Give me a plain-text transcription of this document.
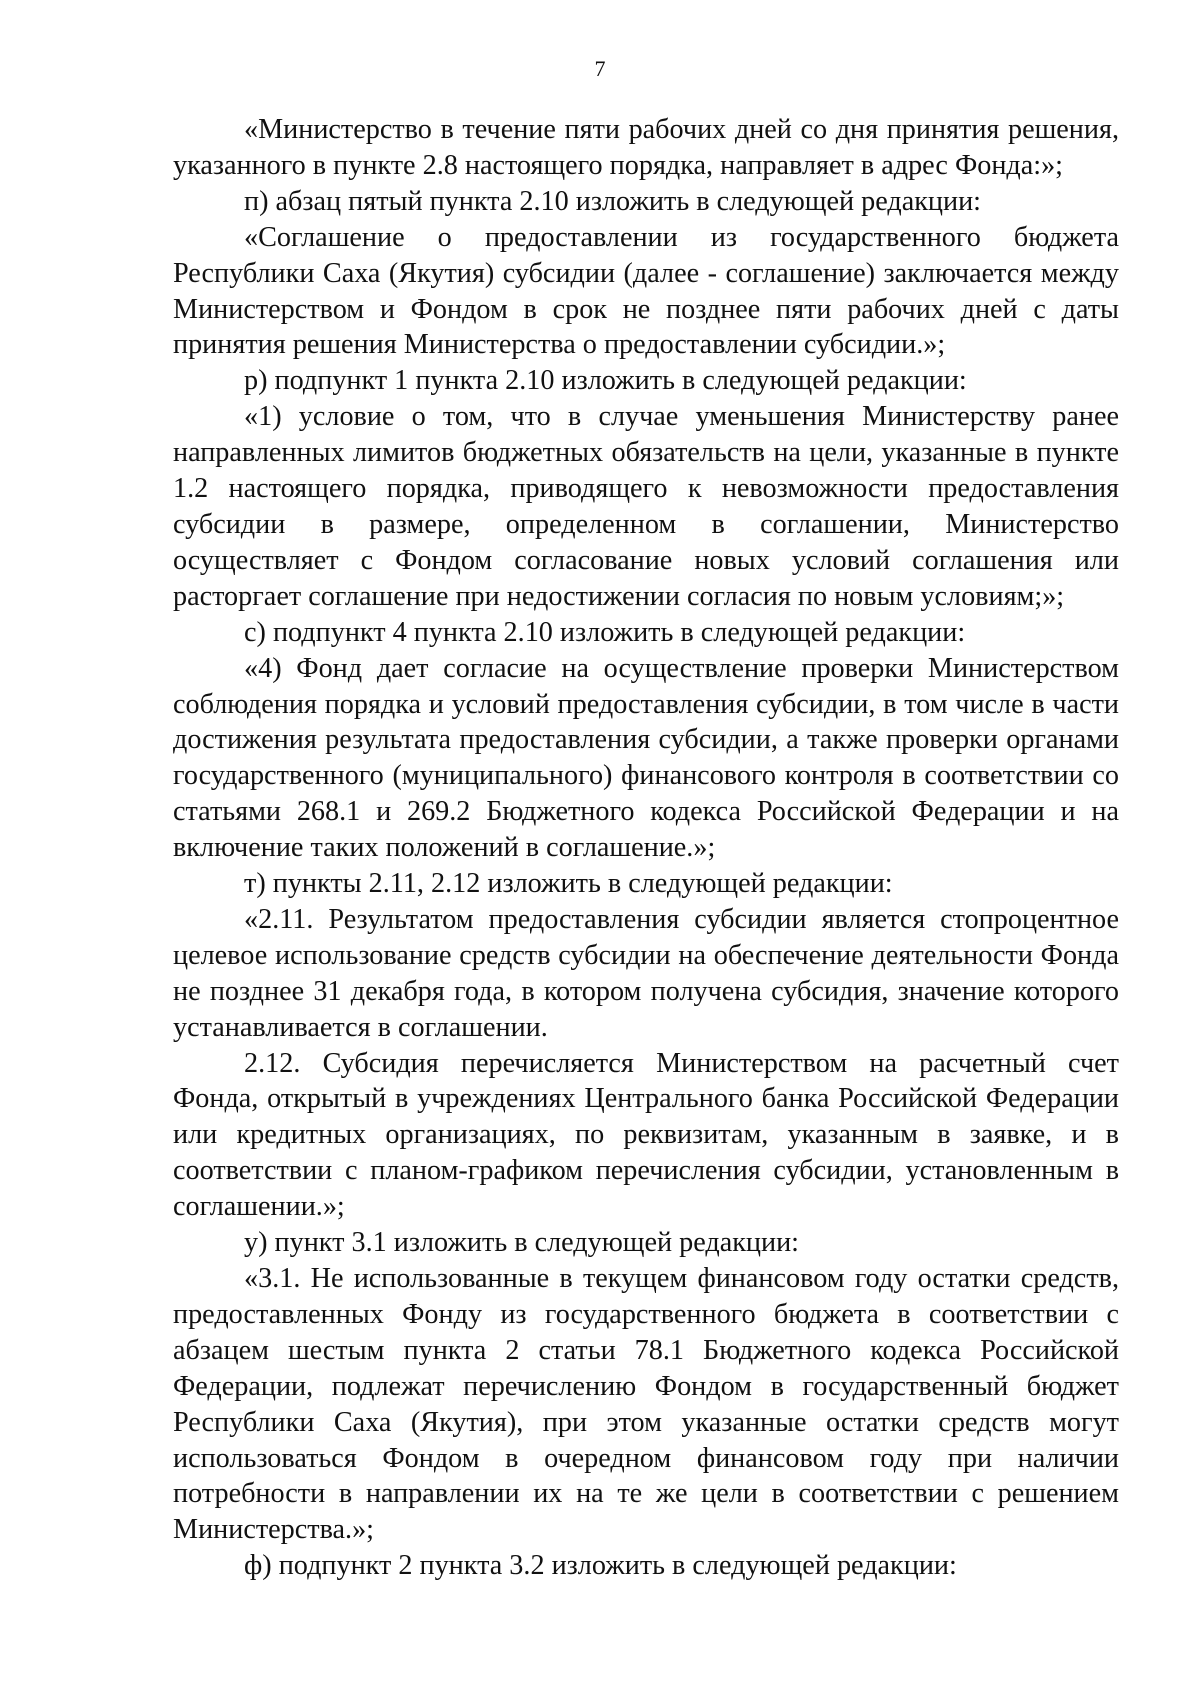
7

«Министерство в течение пяти рабочих дней со дня принятия решения, указанного в пункте 2.8 настоящего порядка, направляет в адрес Фонда:»;

п) абзац пятый пункта 2.10 изложить в следующей редакции:

«Соглашение о предоставлении из государственного бюджета Республики Саха (Якутия) субсидии (далее - соглашение) заключается между Министерством и Фондом в срок не позднее пяти рабочих дней с даты принятия решения Министерства о предоставлении субсидии.»;

р) подпункт 1 пункта 2.10 изложить в следующей редакции:

«1) условие о том, что в случае уменьшения Министерству ранее направленных лимитов бюджетных обязательств на цели, указанные в пункте 1.2 настоящего порядка, приводящего к невозможности предоставления субсидии в размере, определенном в соглашении, Министерство осуществляет с Фондом согласование новых условий соглашения или расторгает соглашение при недостижении согласия по новым условиям;»;

с) подпункт 4 пункта 2.10 изложить в следующей редакции:

«4) Фонд дает согласие на осуществление проверки Министерством соблюдения порядка и условий предоставления субсидии, в том числе в части достижения результата предоставления субсидии, а также проверки органами государственного (муниципального) финансового контроля в соответствии со статьями 268.1 и 269.2 Бюджетного кодекса Российской Федерации и на включение таких положений в соглашение.»;

т) пункты 2.11, 2.12 изложить в следующей редакции:

«2.11. Результатом предоставления субсидии является стопроцентное целевое использование средств субсидии на обеспечение деятельности Фонда не позднее 31 декабря года, в котором получена субсидия, значение которого устанавливается в соглашении.

2.12. Субсидия перечисляется Министерством на расчетный счет Фонда, открытый в учреждениях Центрального банка Российской Федерации или кредитных организациях, по реквизитам, указанным в заявке, и в соответствии с планом-графиком перечисления субсидии, установленным в соглашении.»;

у) пункт 3.1 изложить в следующей редакции:

«3.1. Не использованные в текущем финансовом году остатки средств, предоставленных Фонду из государственного бюджета в соответствии с абзацем шестым пункта 2 статьи 78.1 Бюджетного кодекса Российской Федерации, подлежат перечислению Фондом в государственный бюджет Республики Саха (Якутия), при этом указанные остатки средств могут использоваться Фондом в очередном финансовом году при наличии потребности в направлении их на те же цели в соответствии с решением Министерства.»;

ф) подпункт 2 пункта 3.2 изложить в следующей редакции:
